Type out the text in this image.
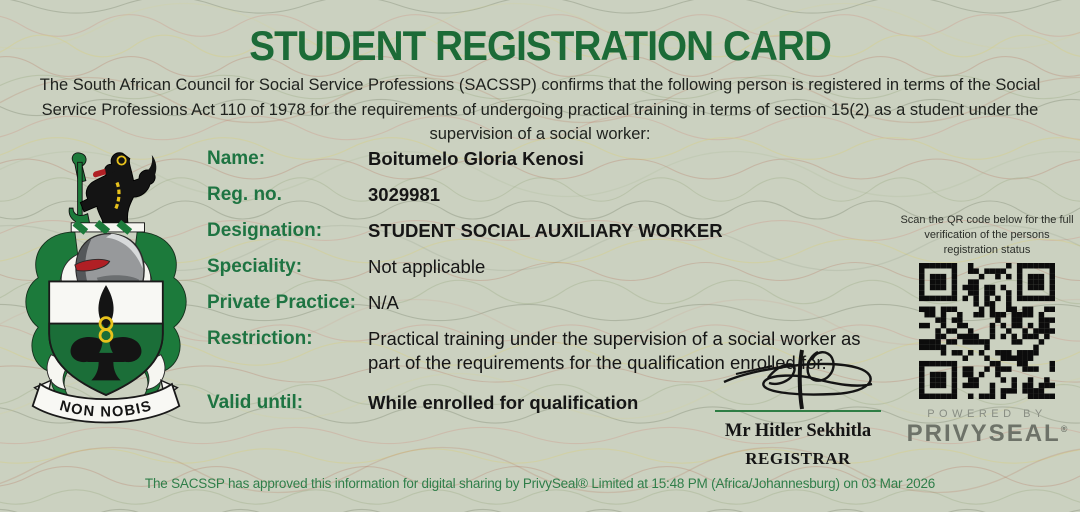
STUDENT REGISTRATION CARD
The South African Council for Social Service Professions (SACSSP) confirms that the following person is registered in terms of the Social Service Professions Act 110 of 1978 for the requirements of undergoing practical training in terms of section 15(2) as a student under the supervision of a social worker:
NON NOBIS
Name:	Boitumelo Gloria Kenosi
Reg. no.	3029981
Designation:	STUDENT SOCIAL AUXILIARY WORKER
Speciality:	Not applicable
Private Practice: N/A
Restriction:	Practical training under the supervision of a social worker as part of the requirements for the qualification enrolled for.
Valid until:	While enrolled for qualification
Scan the QR code below for the full verification of the persons registration status
POWERED BY
PRIVYSEAL®
Mr Hitler Sekhitla
REGISTRAR
The SACSSP has approved this information for digital sharing by PrivySeal® Limited at 15:48 PM (Africa/Johannesburg) on 03 Mar 2026
